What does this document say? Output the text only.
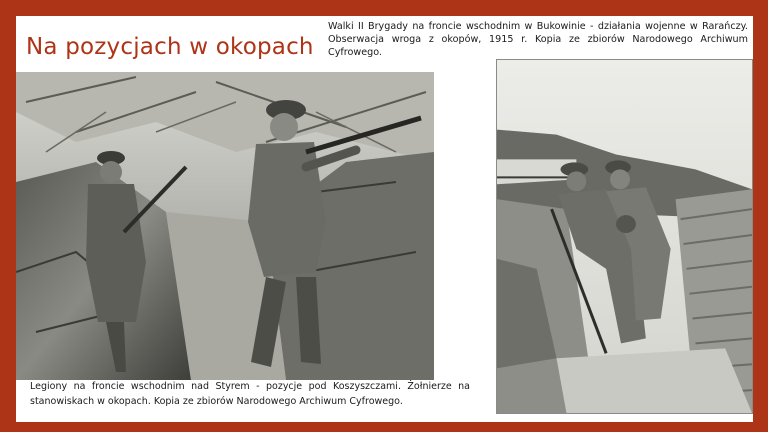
Na pozycjach w okopach

Walki II Brygady na froncie wschodnim w Bukowinie - działania wojenne w Rarańczy. Obserwacja wroga z okopów, 1915 r. Kopia ze zbiorów Narodowego Archiwum Cyfrowego.

Legiony na froncie wschodnim nad Styrem - pozycje pod Koszyszczami. Żołnierze na stanowiskach w okopach. Kopia ze zbiorów Narodowego Archiwum Cyfrowego.
